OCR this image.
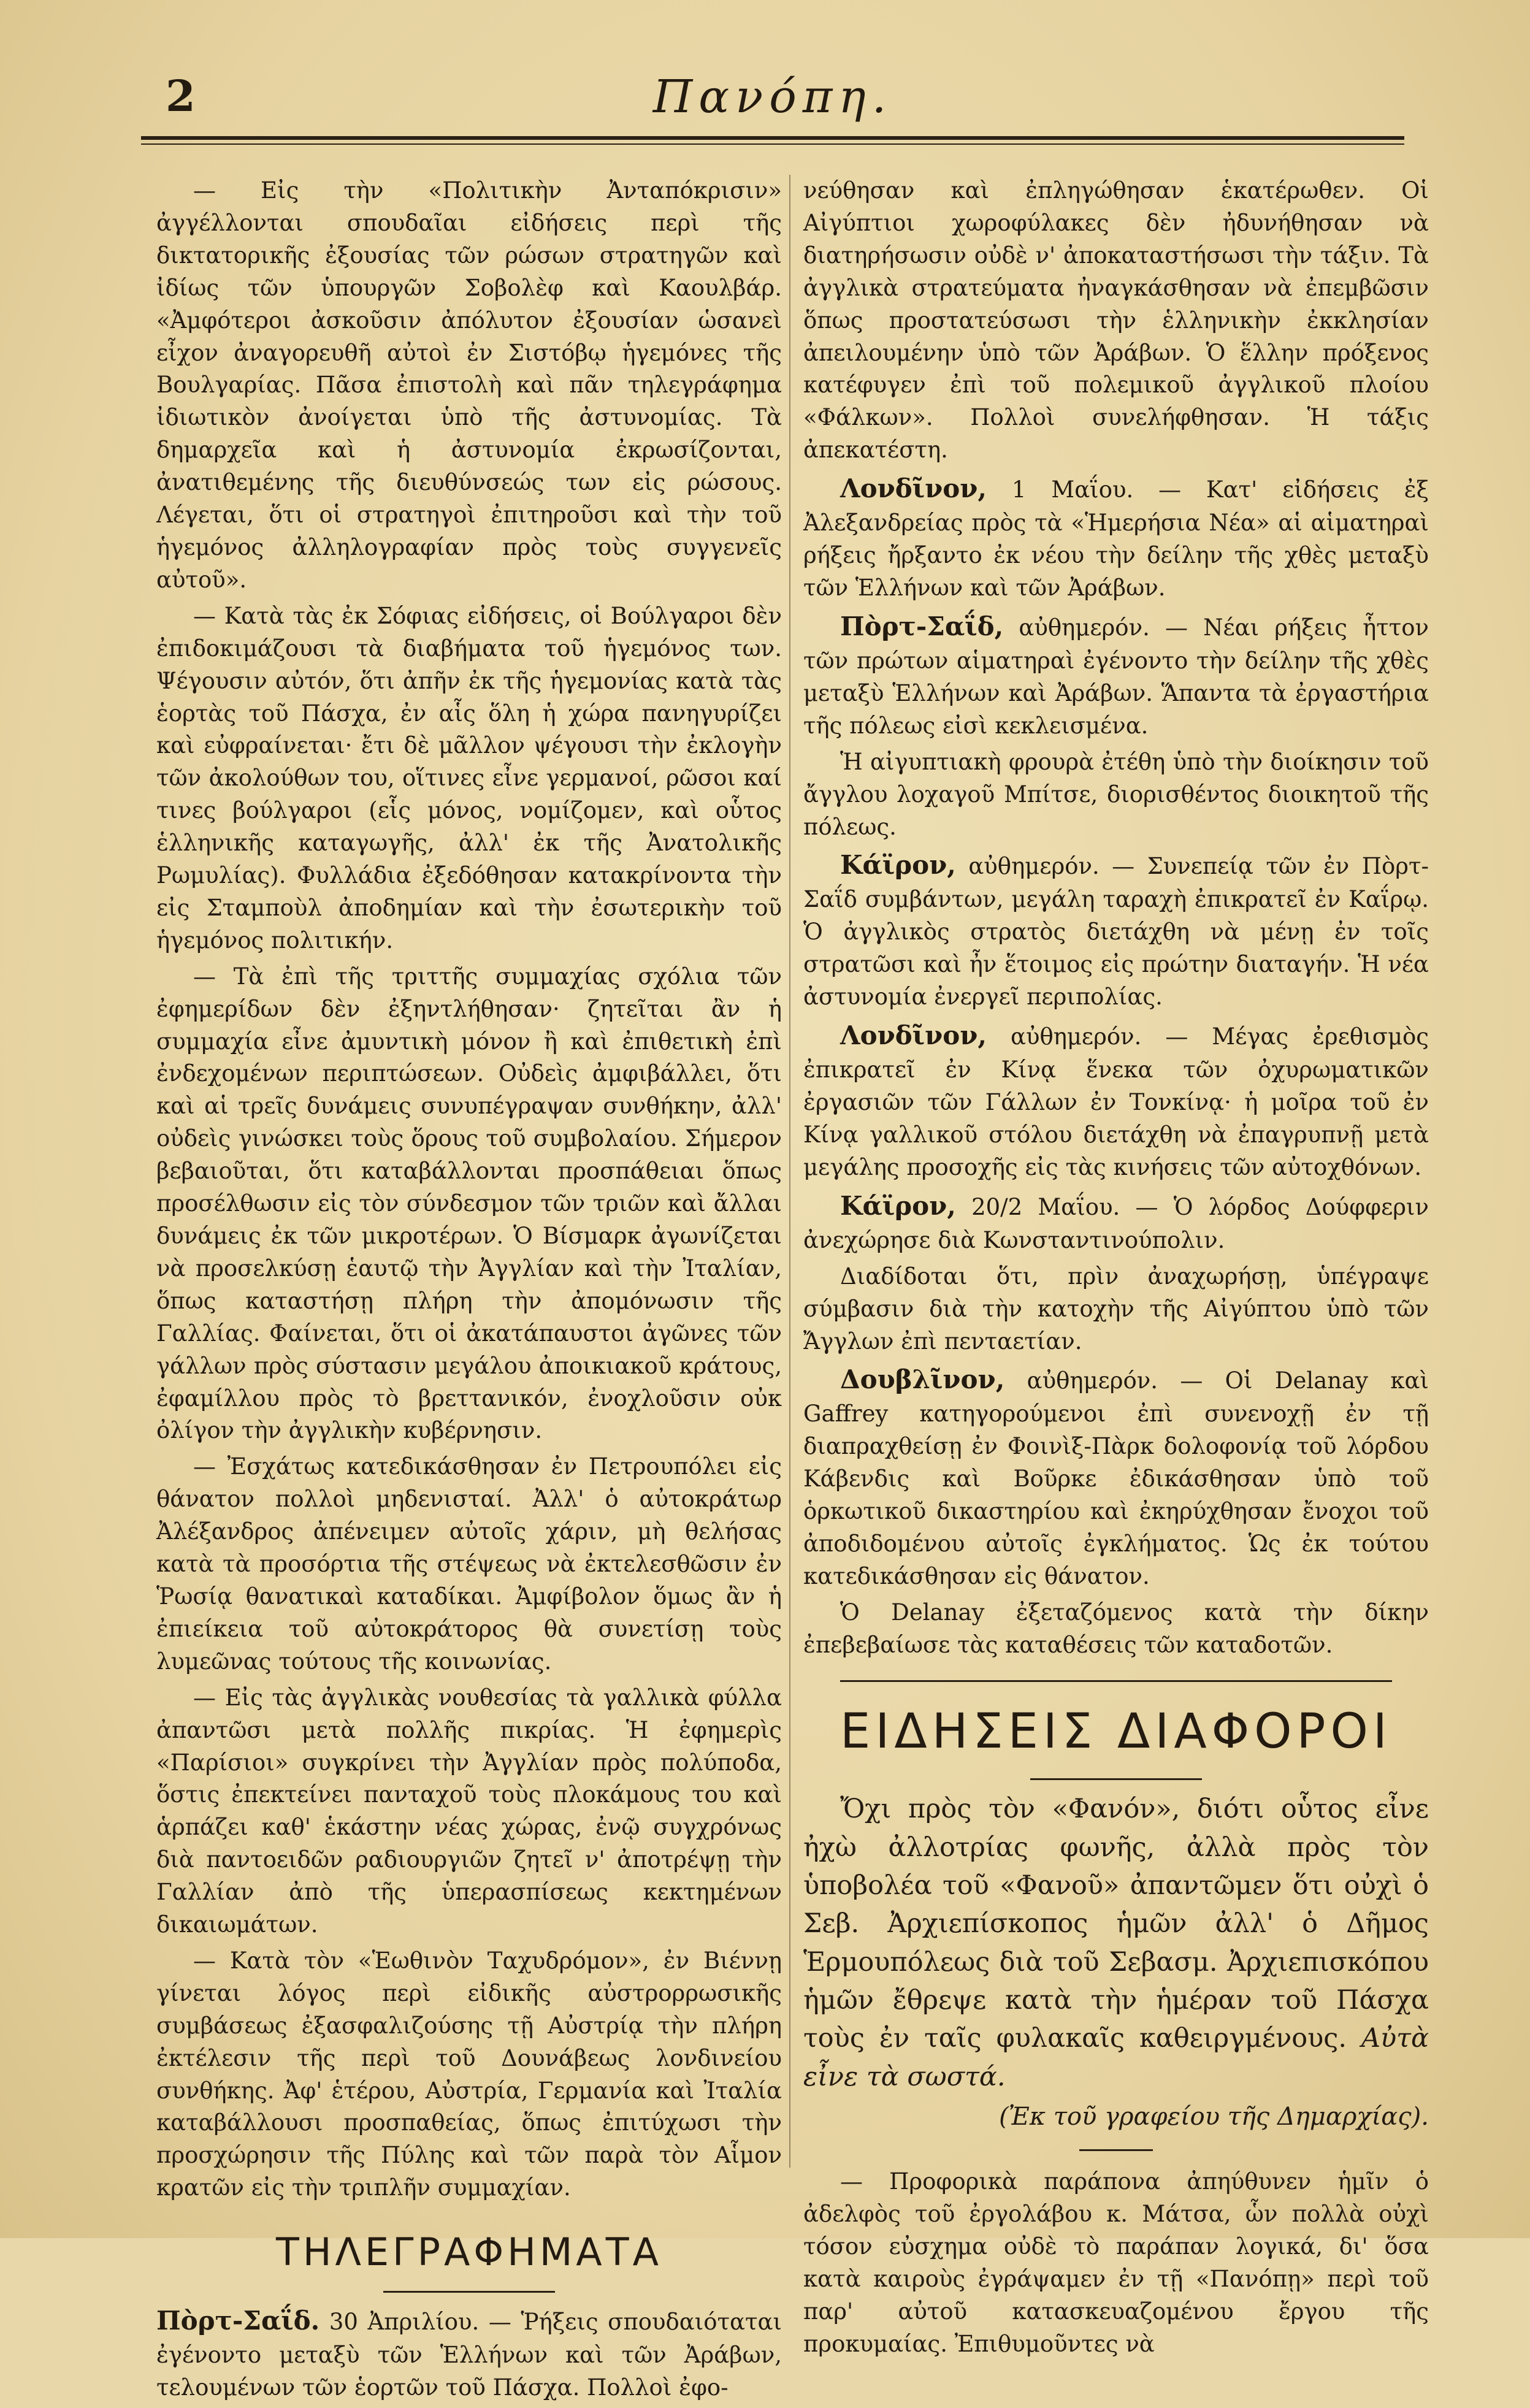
2	Πανόπη.

— Εἰς τὴν «Πολιτικὴν Ἀνταπόκρισιν» ἀγγέλλονται σπουδαῖαι εἰδήσεις περὶ τῆς δικτατορικῆς ἐξουσίας τῶν ρώσων στρατηγῶν καὶ ἰδίως τῶν ὑπουργῶν Σοβολὲφ καὶ Καουλβάρ. «Ἀμφότεροι ἀσκοῦσιν ἀπόλυτον ἐξουσίαν ὡσανεὶ εἶχον ἀναγορευθῆ αὐτοὶ ἐν Σιστόβῳ ἡγεμόνες τῆς Βουλγαρίας. Πᾶσα ἐπιστολὴ καὶ πᾶν τηλεγράφημα ἰδιωτικὸν ἀνοίγεται ὑπὸ τῆς ἀστυνομίας. Τὰ δημαρχεῖα καὶ ἡ ἀστυνομία ἐκρωσίζονται, ἀνατιθεμένης τῆς διευθύνσεώς των εἰς ρώσους. Λέγεται, ὅτι οἱ στρατηγοὶ ἐπιτηροῦσι καὶ τὴν τοῦ ἡγεμόνος ἀλληλογραφίαν πρὸς τοὺς συγγενεῖς αὐτοῦ».

— Κατὰ τὰς ἐκ Σόφιας εἰδήσεις, οἱ Βούλγαροι δὲν ἐπιδοκιμάζουσι τὰ διαβήματα τοῦ ἡγεμόνος των. Ψέγουσιν αὐτόν, ὅτι ἀπῆν ἐκ τῆς ἡγεμονίας κατὰ τὰς ἑορτὰς τοῦ Πάσχα, ἐν αἷς ὅλη ἡ χώρα πανηγυρίζει καὶ εὐφραίνεται· ἔτι δὲ μᾶλλον ψέγουσι τὴν ἐκλογὴν τῶν ἀκολούθων του, οἵτινες εἶνε γερμανοί, ρῶσοι καί τινες βούλγαροι (εἷς μόνος, νομίζομεν, καὶ οὗτος ἑλληνικῆς καταγωγῆς, ἀλλ' ἐκ τῆς Ἀνατολικῆς Ρωμυλίας). Φυλλάδια ἐξεδόθησαν κατακρίνοντα τὴν εἰς Σταμποὺλ ἀποδημίαν καὶ τὴν ἐσωτερικὴν τοῦ ἡγεμόνος πολιτικήν.

— Τὰ ἐπὶ τῆς τριττῆς συμμαχίας σχόλια τῶν ἐφημερίδων δὲν ἐξηντλήθησαν· ζητεῖται ἂν ἡ συμμαχία εἶνε ἀμυντικὴ μόνον ἢ καὶ ἐπιθετικὴ ἐπὶ ἐνδεχομένων περιπτώσεων. Οὐδεὶς ἀμφιβάλλει, ὅτι καὶ αἱ τρεῖς δυνάμεις συνυπέγραψαν συνθήκην, ἀλλ' οὐδεὶς γινώσκει τοὺς ὅρους τοῦ συμβολαίου. Σήμερον βεβαιοῦται, ὅτι καταβάλλονται προσπάθειαι ὅπως προσέλθωσιν εἰς τὸν σύνδεσμον τῶν τριῶν καὶ ἄλλαι δυνάμεις ἐκ τῶν μικροτέρων. Ὁ Βίσμαρκ ἀγωνίζεται νὰ προσελκύσῃ ἑαυτῷ τὴν Ἀγγλίαν καὶ τὴν Ἰταλίαν, ὅπως καταστήσῃ πλήρη τὴν ἀπομόνωσιν τῆς Γαλλίας. Φαίνεται, ὅτι οἱ ἀκατάπαυστοι ἀγῶνες τῶν γάλλων πρὸς σύστασιν μεγάλου ἀποικιακοῦ κράτους, ἐφαμίλλου πρὸς τὸ βρεττανικόν, ἐνοχλοῦσιν οὐκ ὀλίγον τὴν ἀγγλικὴν κυβέρνησιν.

— Ἐσχάτως κατεδικάσθησαν ἐν Πετρουπόλει εἰς θάνατον πολλοὶ μηδενισταί. Ἀλλ' ὁ αὐτοκράτωρ Ἀλέξανδρος ἀπένειμεν αὐτοῖς χάριν, μὴ θελήσας κατὰ τὰ προσόρτια τῆς στέψεως νὰ ἐκτελεσθῶσιν ἐν Ῥωσίᾳ θανατικαὶ καταδίκαι. Ἀμφίβολον ὅμως ἂν ἡ ἐπιείκεια τοῦ αὐτοκράτορος θὰ συνετίσῃ τοὺς λυμεῶνας τούτους τῆς κοινωνίας.

— Εἰς τὰς ἀγγλικὰς νουθεσίας τὰ γαλλικὰ φύλλα ἀπαντῶσι μετὰ πολλῆς πικρίας. Ἡ ἐφημερὶς «Παρίσιοι» συγκρίνει τὴν Ἀγγλίαν πρὸς πολύποδα, ὅστις ἐπεκτείνει πανταχοῦ τοὺς πλοκάμους του καὶ ἁρπάζει καθ' ἑκάστην νέας χώρας, ἐνῷ συγχρόνως διὰ παντοειδῶν ραδιουργιῶν ζητεῖ ν' ἀποτρέψῃ τὴν Γαλλίαν ἀπὸ τῆς ὑπερασπίσεως κεκτημένων δικαιωμάτων.

— Κατὰ τὸν «Ἑωθινὸν Ταχυδρόμον», ἐν Βιέννῃ γίνεται λόγος περὶ εἰδικῆς αὐστρορρωσικῆς συμβάσεως ἐξασφαλιζούσης τῇ Αὐστρίᾳ τὴν πλήρη ἐκτέλεσιν τῆς περὶ τοῦ Δουνάβεως λονδινείου συνθήκης. Ἀφ' ἑτέρου, Αὐστρία, Γερμανία καὶ Ἰταλία καταβάλλουσι προσπαθείας, ὅπως ἐπιτύχωσι τὴν προσχώρησιν τῆς Πύλης καὶ τῶν παρὰ τὸν Αἷμον κρατῶν εἰς τὴν τριπλῆν συμμαχίαν.

ΤΗΛΕΓΡΑΦΗΜΑΤΑ

Πὸρτ-Σαΐδ. 30 Ἀπριλίου. — Ῥήξεις σπουδαιόταται ἐγένοντο μεταξὺ τῶν Ἑλλήνων καὶ τῶν Ἀράβων, τελουμένων τῶν ἑορτῶν τοῦ Πάσχα. Πολλοὶ ἐφο-

νεύθησαν καὶ ἐπληγώθησαν ἑκατέρωθεν. Οἱ Αἰγύπτιοι χωροφύλακες δὲν ἠδυνήθησαν νὰ διατηρήσωσιν οὐδὲ ν' ἀποκαταστήσωσι τὴν τάξιν. Τὰ ἀγγλικὰ στρατεύματα ἠναγκάσθησαν νὰ ἐπεμβῶσιν ὅπως προστατεύσωσι τὴν ἑλληνικὴν ἐκκλησίαν ἀπειλουμένην ὑπὸ τῶν Ἀράβων. Ὁ ἕλλην πρόξενος κατέφυγεν ἐπὶ τοῦ πολεμικοῦ ἀγγλικοῦ πλοίου «Φάλκων». Πολλοὶ συνελήφθησαν. Ἡ τάξις ἀπεκατέστη.

Λονδῖνον, 1 Μαΐου. — Κατ' εἰδήσεις ἐξ Ἀλεξανδρείας πρὸς τὰ «Ἡμερήσια Νέα» αἱ αἱματηραὶ ρήξεις ἤρξαντο ἐκ νέου τὴν δείλην τῆς χθὲς μεταξὺ τῶν Ἑλλήνων καὶ τῶν Ἀράβων.

Πὸρτ-Σαΐδ, αὐθημερόν. — Νέαι ρήξεις ἧττον τῶν πρώτων αἱματηραὶ ἐγένοντο τὴν δείλην τῆς χθὲς μεταξὺ Ἑλλήνων καὶ Ἀράβων. Ἅπαντα τὰ ἐργαστήρια τῆς πόλεως εἰσὶ κεκλεισμένα.

Ἡ αἰγυπτιακὴ φρουρὰ ἐτέθη ὑπὸ τὴν διοίκησιν τοῦ ἄγγλου λοχαγοῦ Μπίτσε, διορισθέντος διοικητοῦ τῆς πόλεως.

Κάϊρον, αὐθημερόν. — Συνεπείᾳ τῶν ἐν Πὸρτ-Σαΐδ συμβάντων, μεγάλη ταραχὴ ἐπικρατεῖ ἐν Καΐρῳ. Ὁ ἀγγλικὸς στρατὸς διετάχθη νὰ μένῃ ἐν τοῖς στρατῶσι καὶ ἦν ἕτοιμος εἰς πρώτην διαταγήν. Ἡ νέα ἀστυνομία ἐνεργεῖ περιπολίας.

Λονδῖνον, αὐθημερόν. — Μέγας ἐρεθισμὸς ἐπικρατεῖ ἐν Κίνᾳ ἕνεκα τῶν ὀχυρωματικῶν ἐργασιῶν τῶν Γάλλων ἐν Τονκίνᾳ· ἡ μοῖρα τοῦ ἐν Κίνᾳ γαλλικοῦ στόλου διετάχθη νὰ ἐπαγρυπνῇ μετὰ μεγάλης προσοχῆς εἰς τὰς κινήσεις τῶν αὐτοχθόνων.

Κάϊρον, 20/2 Μαΐου. — Ὁ λόρδος Δούφφεριν ἀνεχώρησε διὰ Κωνσταντινούπολιν.

Διαδίδοται ὅτι, πρὶν ἀναχωρήσῃ, ὑπέγραψε σύμβασιν διὰ τὴν κατοχὴν τῆς Αἰγύπτου ὑπὸ τῶν Ἄγγλων ἐπὶ πενταετίαν.

Δουβλῖνον, αὐθημερόν. — Οἱ Delanay καὶ Gaffrey κατηγορούμενοι ἐπὶ συνενοχῇ ἐν τῇ διαπραχθείσῃ ἐν Φοινὶξ-Πὰρκ δολοφονίᾳ τοῦ λόρδου Κάβενδις καὶ Βοῦρκε ἐδικάσθησαν ὑπὸ τοῦ ὁρκωτικοῦ δικαστηρίου καὶ ἐκηρύχθησαν ἔνοχοι τοῦ ἀποδιδομένου αὐτοῖς ἐγκλήματος. Ὡς ἐκ τούτου κατεδικάσθησαν εἰς θάνατον.

Ὁ Delanay ἐξεταζόμενος κατὰ τὴν δίκην ἐπεβεβαίωσε τὰς καταθέσεις τῶν καταδοτῶν.

ΕΙΔΗΣΕΙΣ ΔΙΑΦΟΡΟΙ

Ὄχι πρὸς τὸν «Φανόν», διότι οὗτος εἶνε ἠχὼ ἀλλοτρίας φωνῆς, ἀλλὰ πρὸς τὸν ὑποβολέα τοῦ «Φανοῦ» ἀπαντῶμεν ὅτι οὐχὶ ὁ Σεβ. Ἀρχιεπίσκοπος ἡμῶν ἀλλ' ὁ Δῆμος Ἑρμουπόλεως διὰ τοῦ Σεβασμ. Ἀρχιεπισκόπου ἡμῶν ἔθρεψε κατὰ τὴν ἡμέραν τοῦ Πάσχα τοὺς ἐν ταῖς φυλακαῖς καθειργμένους. Αὐτὰ εἶνε τὰ σωστά.

(Ἐκ τοῦ γραφείου τῆς Δημαρχίας).

— Προφορικὰ παράπονα ἀπηύθυνεν ἡμῖν ὁ ἀδελφὸς τοῦ ἐργολάβου κ. Μάτσα, ὧν πολλὰ οὐχὶ τόσον εὐσχημα οὐδὲ τὸ παράπαν λογικά, δι' ὅσα κατὰ καιροὺς ἐγράψαμεν ἐν τῇ «Πανόπῃ» περὶ τοῦ παρ' αὐτοῦ κατασκευαζομένου ἔργου τῆς προκυμαίας. Ἐπιθυμοῦντες νὰ
